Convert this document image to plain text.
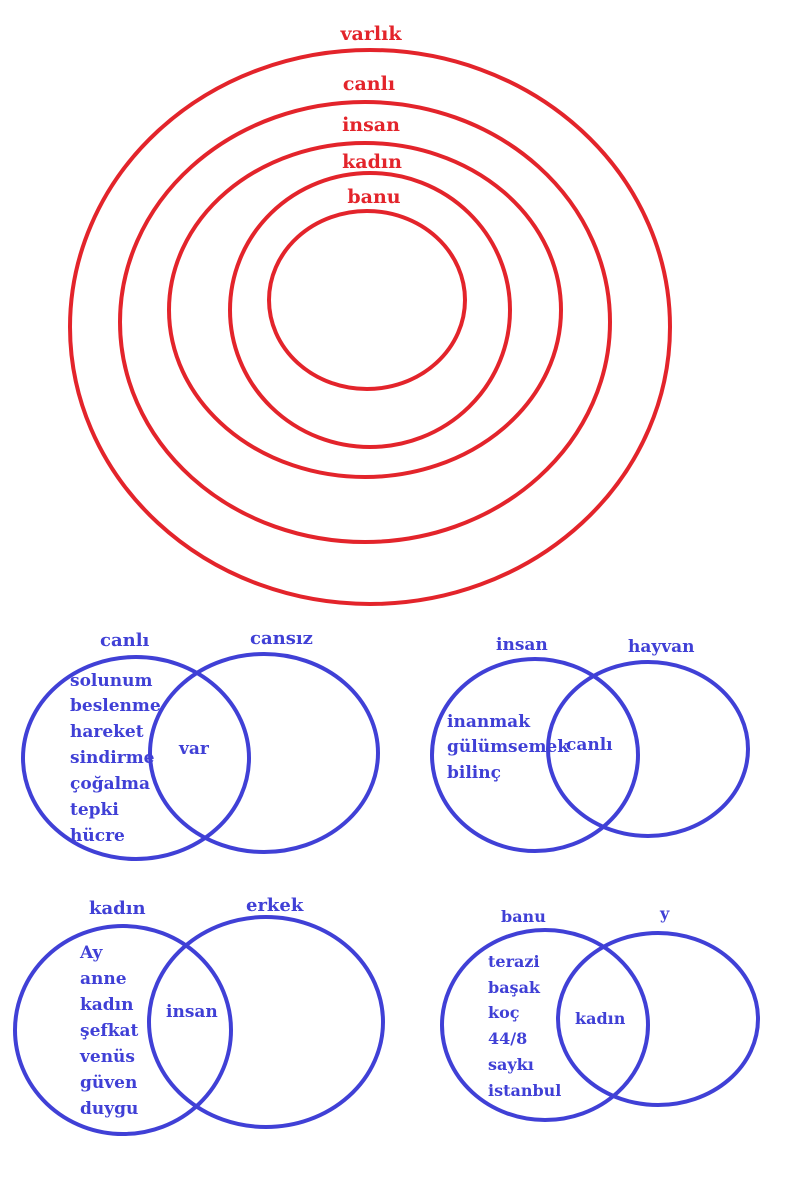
varlık
canlı
insan
kadın
banu
canlı	cansız
solunum
beslenme
hareket
sindirme
çoğalma
tepki
hücre
var
insan	hayvan
inanmak
gülümsemek
bilinç
canlı
kadın	erkek
Ay
anne
kadın
şefkat
venüs
güven
duygu
insan
banu	y
terazi
başak
koç
44/8
saykı
istanbul
kadın
